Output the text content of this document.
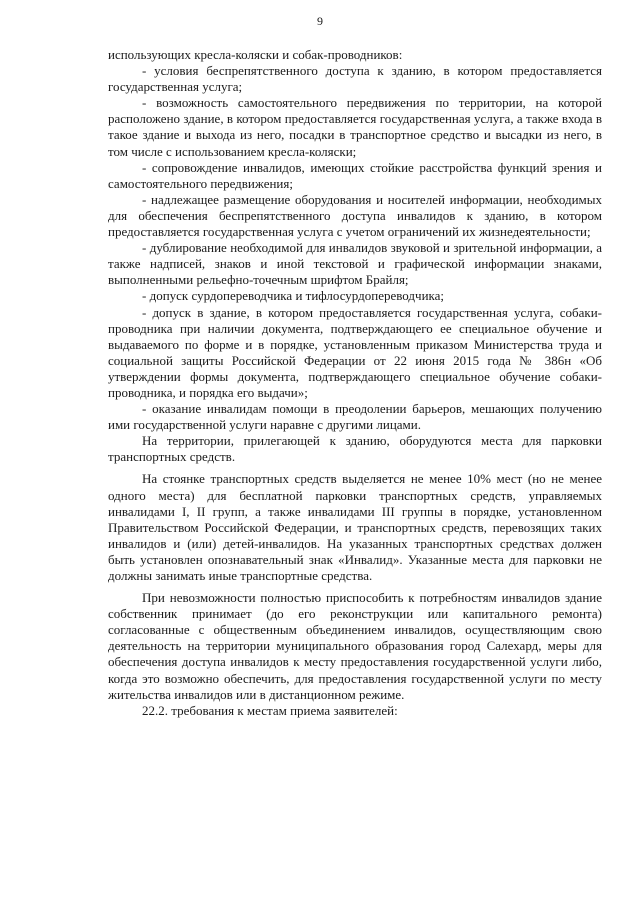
9

использующих кресла-коляски и собак-проводников:

- условия беспрепятственного доступа к зданию, в котором предоставляется государственная услуга;

- возможность самостоятельного передвижения по территории, на которой расположено здание, в котором предоставляется государственная услуга, а также входа в такое здание и выхода из него, посадки в транспортное средство и высадки из него, в том числе с использованием кресла-коляски;

- сопровождение инвалидов, имеющих стойкие расстройства функций зрения и самостоятельного передвижения;

- надлежащее размещение оборудования и носителей информации, необходимых для обеспечения беспрепятственного доступа инвалидов к зданию, в котором предоставляется государственная услуга с учетом ограничений их жизнедеятельности;

- дублирование необходимой для инвалидов звуковой и зрительной информации, а также надписей, знаков и иной текстовой и графической информации знаками, выполненными рельефно-точечным шрифтом Брайля;

- допуск сурдопереводчика и тифлосурдопереводчика;

- допуск в здание, в котором предоставляется государственная услуга, собаки-проводника при наличии документа, подтверждающего ее специальное обучение и выдаваемого по форме и в порядке, установленным приказом Министерства труда и социальной защиты Российской Федерации от 22 июня 2015 года № 386н «Об утверждении формы документа, подтверждающего специальное обучение собаки-проводника, и порядка его выдачи»;

- оказание инвалидам помощи в преодолении барьеров, мешающих получению ими государственной услуги наравне с другими лицами.

На территории, прилегающей к зданию, оборудуются места для парковки транспортных средств.

На стоянке транспортных средств выделяется не менее 10% мест (но не менее одного места) для бесплатной парковки транспортных средств, управляемых инвалидами I, II групп, а также инвалидами III группы в порядке, установленном Правительством Российской Федерации, и транспортных средств, перевозящих таких инвалидов и (или) детей-инвалидов. На указанных транспортных средствах должен быть установлен опознавательный знак «Инвалид». Указанные места для парковки не должны занимать иные транспортные средства.

При невозможности полностью приспособить к потребностям инвалидов здание собственник принимает (до его реконструкции или капитального ремонта) согласованные с общественным объединением инвалидов, осуществляющим свою деятельность на территории муниципального образования город Салехард, меры для обеспечения доступа инвалидов к месту предоставления государственной услуги либо, когда это возможно обеспечить, для предоставления государственной услуги по месту жительства инвалидов или в дистанционном режиме.

22.2. требования к местам приема заявителей:
